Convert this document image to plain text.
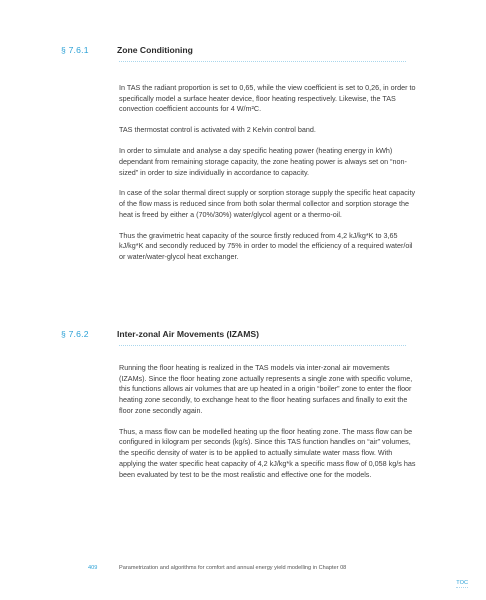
§ 7.6.1	Zone Conditioning

In TAS the radiant proportion is set to 0,65, while the view coefficient is set to 0,26, in order to specifically model a surface heater device, floor heating respectively. Likewise, the TAS convection coefficient accounts for 4 W/m²C.

TAS thermostat control is activated with 2 Kelvin control band.

In order to simulate and analyse a day specific heating power (heating energy in kWh) dependant from remaining storage capacity, the zone heating power is always set on “non-sized” in order to size individually in accordance to capacity.

In case of the solar thermal direct supply or sorption storage supply the specific heat capacity of the flow mass is reduced since from both solar thermal collector and sorption storage the heat is freed by either a (70%/30%) water/glycol agent or a thermo-oil.

Thus the gravimetric heat capacity of the source firstly reduced from 4,2 kJ/kg*K to 3,65 kJ/kg*K and secondly reduced by 75% in order to model the efficiency of a required water/oil or water/water-glycol heat exchanger.

§ 7.6.2	Inter-zonal Air Movements (IZAMS)

Running the floor heating is realized in the TAS models via inter-zonal air movements (IZAMs). Since the floor heating zone actually represents a single zone with specific volume, this functions allows air volumes that are up heated in a origin “boiler” zone to enter the floor heating zone secondly, to exchange heat to the floor heating surfaces and finally to exit the floor zone secondly again.

Thus, a mass flow can be modelled heating up the floor heating zone. The mass flow can be configured in kilogram per seconds (kg/s). Since this TAS function handles on “air” volumes, the specific density of water is to be applied to actually simulate water mass flow. With applying the water specific heat capacity of 4,2 kJ/kg*k a specific mass flow of 0,058 kg/s has been evaluated by test to be the most realistic and effective one for the models.

409	Parametrization and algorithms for comfort and annual energy yield modelling in Chapter 08
TOC
